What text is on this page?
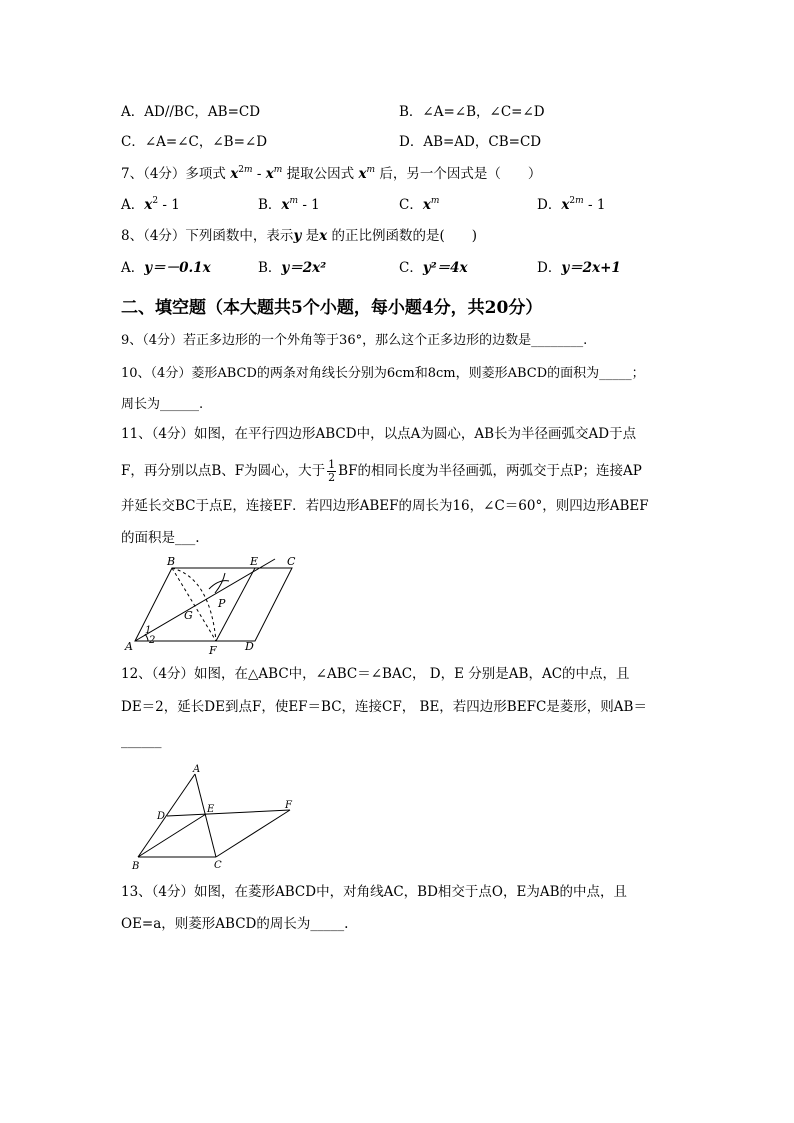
A．AD//BC，AB=CD	B．∠A=∠B，∠C=∠D
C．∠A=∠C，∠B=∠D	D．AB=AD，CB=CD
7、（4分）多项式 $x^{2m} - x^m$ 提取公因式 $x^m$ 后，另一个因式是（　　）
A．$x^2 - 1$	B．$x^m - 1$	C．$x^m$	D．$x^{2m} - 1$
8、（4分）下列函数中，表示y 是x 的正比例函数的是(　　)
A．y＝－0.1x	B．y＝2x²	C．y²＝4x	D．y＝2x+1
二、填空题（本大题共5个小题，每小题4分，共20分）
9、（4分）若正多边形的一个外角等于36°，那么这个正多边形的边数是________.
10、（4分）菱形ABCD的两条对角线长分别为6cm和8cm，则菱形ABCD的面积为_____；
周长为______.
11、（4分）如图，在平行四边形ABCD中，以点A为圆心，AB长为半径画弧交AD于点
F，再分别以点B、F为圆心，大于 $\frac{1}{2}$ BF的相同长度为半径画弧，两弧交于点P；连接AP
并延长交BC于点E，连接EF．若四边形ABEF的周长为16，∠C＝60°，则四边形ABEF
的面积是___.
B	E	C
A	F	D
G
P
1
2
12、（4分）如图，在△ABC中，∠ABC＝∠BAC， D，E 分别是AB，AC的中点，且
DE＝2，延长DE到点F，使EF＝BC，连接CF， BE，若四边形BEFC是菱形，则AB＝
______
A
D
E	F
B	C
13、（4分）如图，在菱形ABCD中，对角线AC，BD相交于点O，E为AB的中点，且
OE=a，则菱形ABCD的周长为_____.
